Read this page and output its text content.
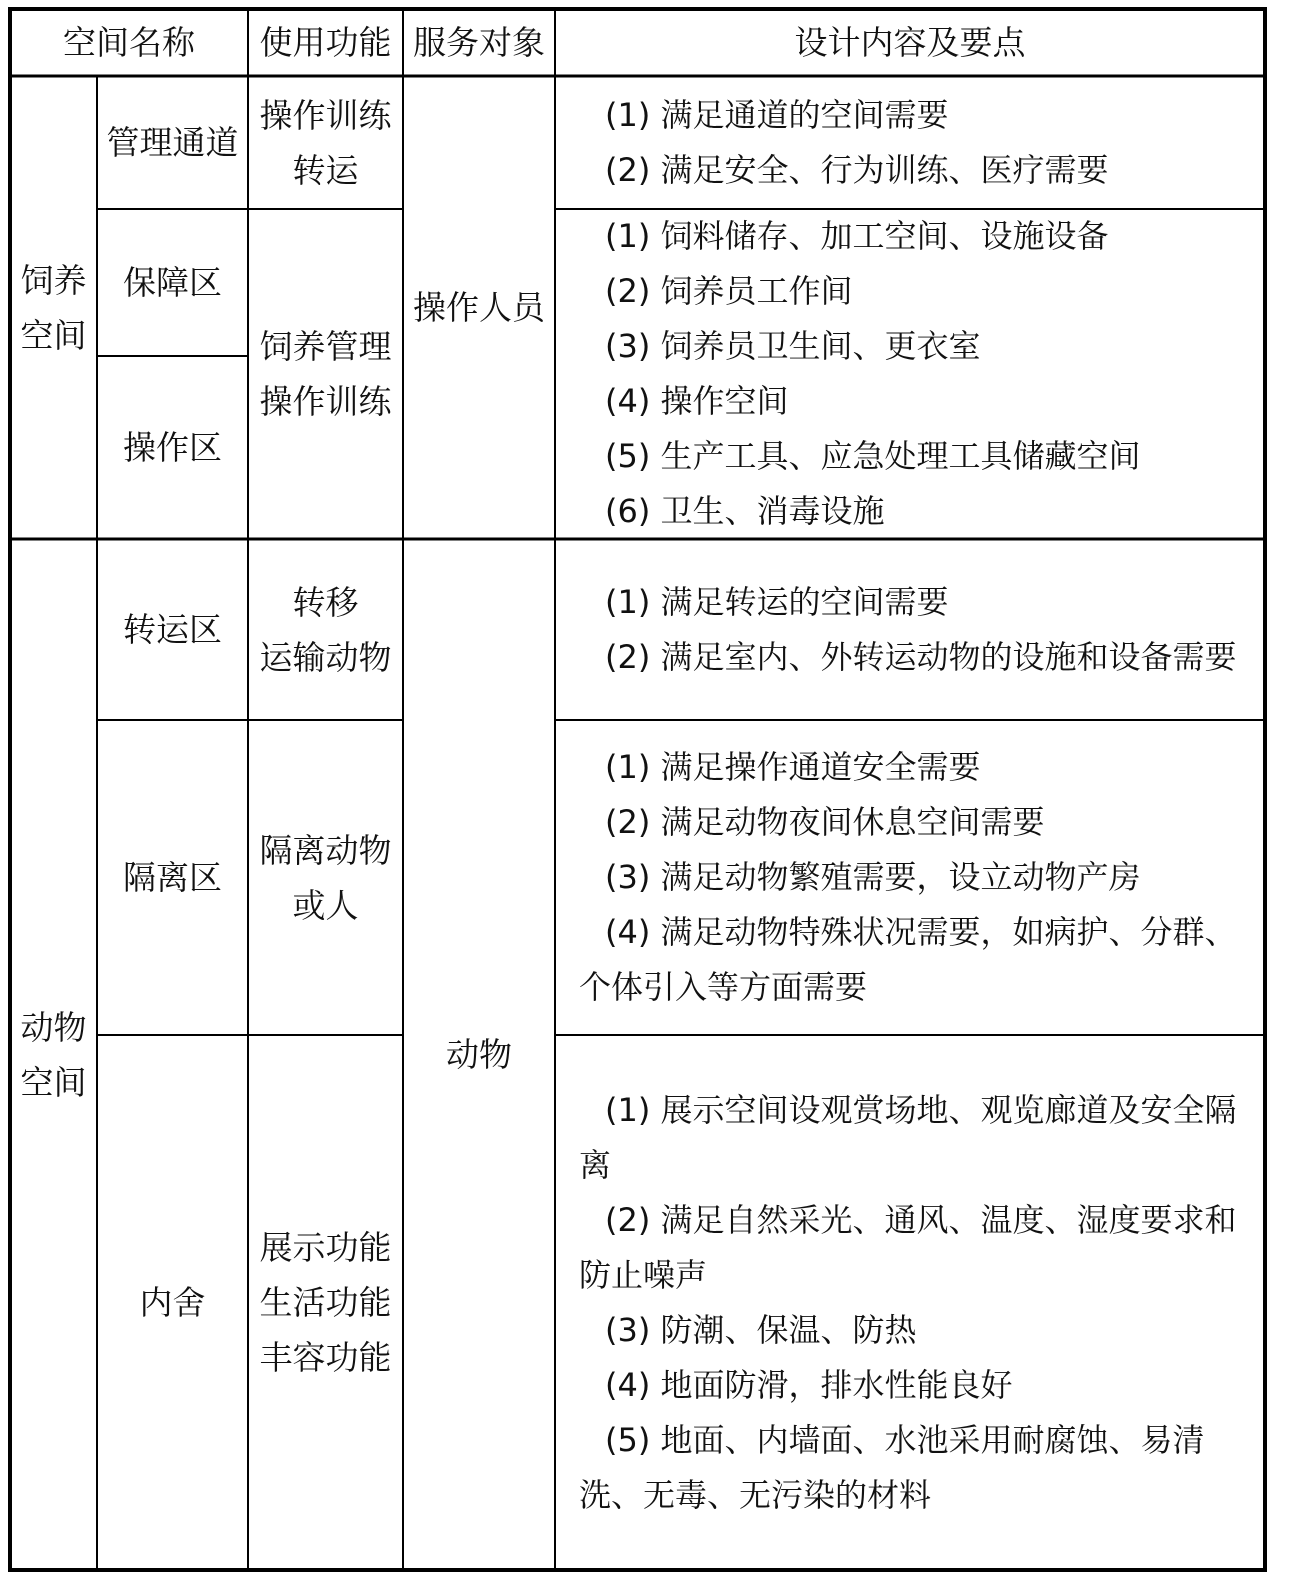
空间名称	使用功能 服务对象	设计内容及要点
饲养
空间
管理通道
操作训练
转运
保障区
操作区
饲养管理
操作训练
操作人员
(1) 满足通道的空间需要
(2) 满足安全、行为训练、医疗需要
(1) 饲料储存、加工空间、设施设备
(2) 饲养员工作间
(3) 饲养员卫生间、更衣室
(4) 操作空间
(5) 生产工具、应急处理工具储藏空间
(6) 卫生、消毒设施
动物
空间
转运区
转移
运输动物
隔离区
隔离动物
或人
内舍
展示功能
生活功能
丰容功能
动物
(1) 满足转运的空间需要
(2) 满足室内、外转运动物的设施和设备需要
(1) 满足操作通道安全需要
(2) 满足动物夜间休息空间需要
(3) 满足动物繁殖需要，设立动物产房
(4) 满足动物特殊状况需要，如病护、分群、个体引入等方面需要
(1) 展示空间设观赏场地、观览廊道及安全隔离
(2) 满足自然采光、通风、温度、湿度要求和防止噪声
(3) 防潮、保温、防热
(4) 地面防滑，排水性能良好
(5) 地面、内墙面、水池采用耐腐蚀、易清洗、无毒、无污染的材料
